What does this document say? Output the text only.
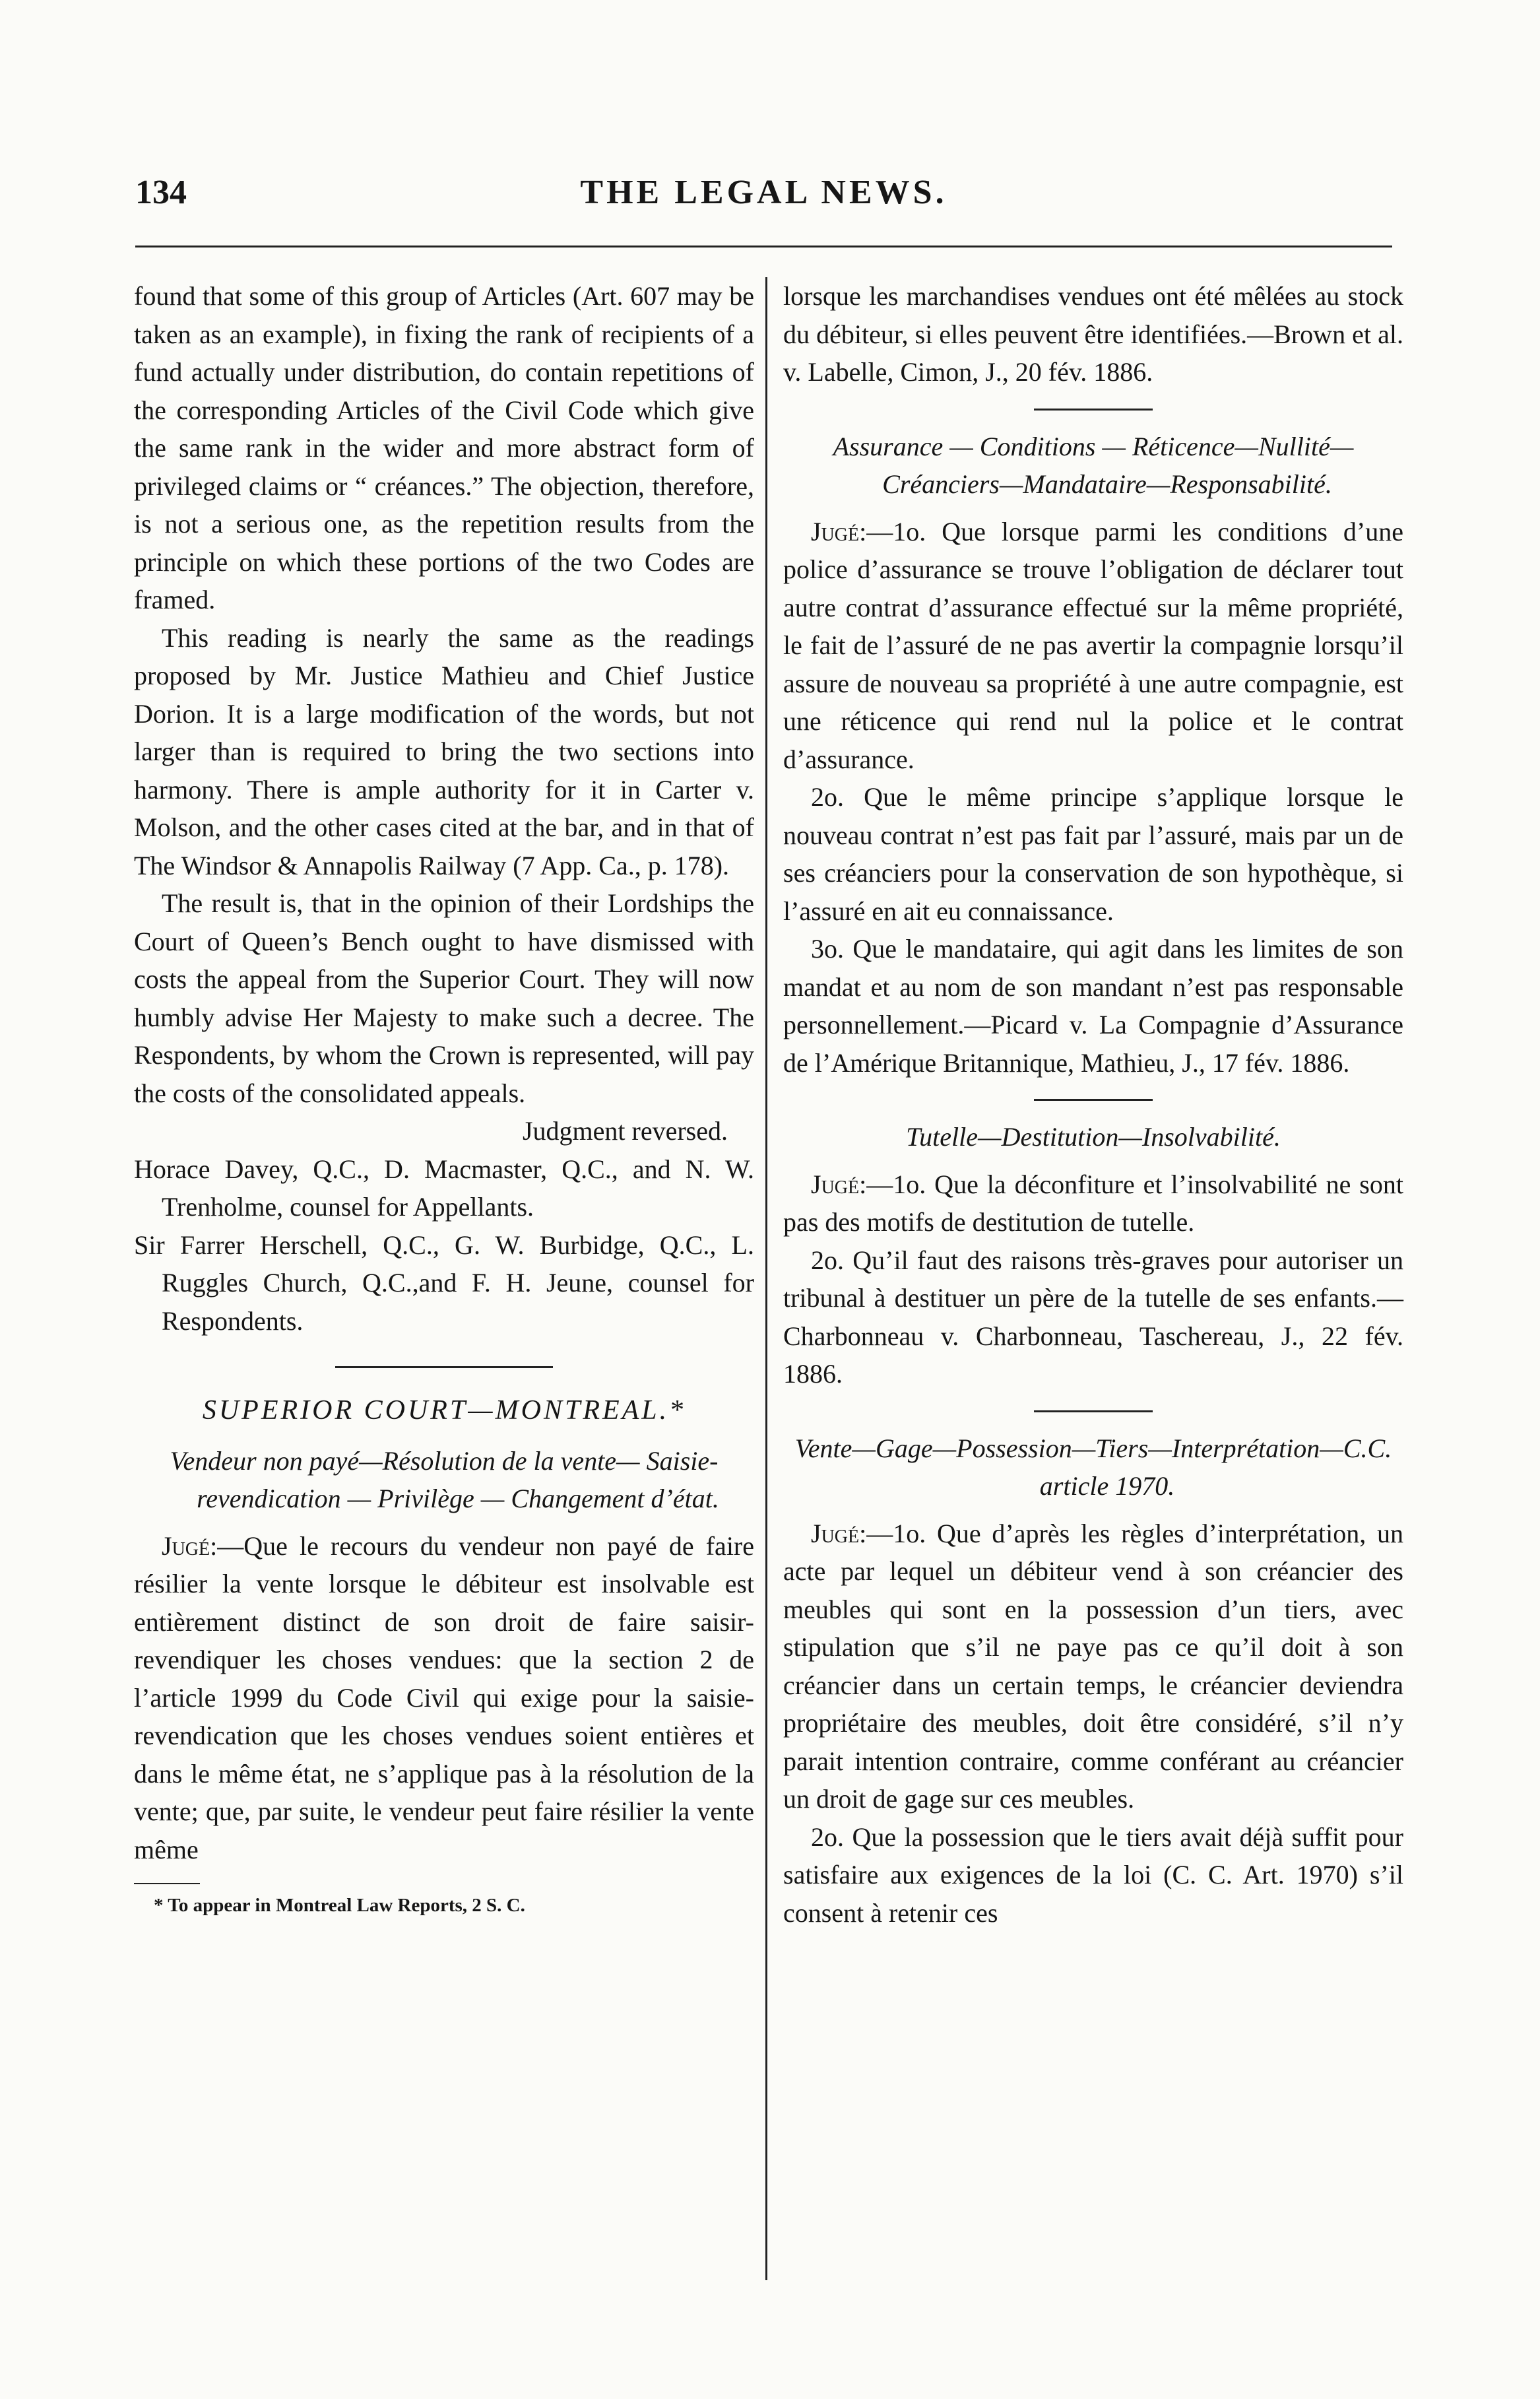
134	THE LEGAL NEWS.

found that some of this group of Articles (Art. 607 may be taken as an example), in fixing the rank of recipients of a fund actually under distribution, do contain repetitions of the corresponding Articles of the Civil Code which give the same rank in the wider and more abstract form of privileged claims or “ créances.” The objection, therefore, is not a serious one, as the repetition results from the principle on which these portions of the two Codes are framed.

This reading is nearly the same as the readings proposed by Mr. Justice Mathieu and Chief Justice Dorion. It is a large modification of the words, but not larger than is required to bring the two sections into harmony. There is ample authority for it in Carter v. Molson, and the other cases cited at the bar, and in that of The Windsor & Annapolis Railway (7 App. Ca., p. 178).

The result is, that in the opinion of their Lordships the Court of Queen’s Bench ought to have dismissed with costs the appeal from the Superior Court. They will now humbly advise Her Majesty to make such a decree. The Respondents, by whom the Crown is represented, will pay the costs of the consolidated appeals.

Judgment reversed.

Horace Davey, Q.C., D. Macmaster, Q.C., and N. W. Trenholme, counsel for Appellants.

Sir Farrer Herschell, Q.C., G. W. Burbidge, Q.C., L. Ruggles Church, Q.C.,and F. H. Jeune, counsel for Respondents.

SUPERIOR COURT—MONTREAL.*

Vendeur non payé—Résolution de la vente— Saisie-revendication — Privilège — Changement d’état.

Jugé:—Que le recours du vendeur non payé de faire résilier la vente lorsque le débiteur est insolvable est entièrement distinct de son droit de faire saisir-revendiquer les choses vendues: que la section 2 de l’article 1999 du Code Civil qui exige pour la saisie-revendication que les choses vendues soient entières et dans le même état, ne s’applique pas à la résolution de la vente; que, par suite, le vendeur peut faire résilier la vente même

* To appear in Montreal Law Reports, 2 S. C.

lorsque les marchandises vendues ont été mêlées au stock du débiteur, si elles peuvent être identifiées.—Brown et al. v. Labelle, Cimon, J., 20 fév. 1886.

Assurance — Conditions — Réticence—Nullité— Créanciers—Mandataire—Responsabilité.

Jugé:—1o. Que lorsque parmi les conditions d’une police d’assurance se trouve l’obligation de déclarer tout autre contrat d’assurance effectué sur la même propriété, le fait de l’assuré de ne pas avertir la compagnie lorsqu’il assure de nouveau sa propriété à une autre compagnie, est une réticence qui rend nul la police et le contrat d’assurance.

2o. Que le même principe s’applique lorsque le nouveau contrat n’est pas fait par l’assuré, mais par un de ses créanciers pour la conservation de son hypothèque, si l’assuré en ait eu connaissance.

3o. Que le mandataire, qui agit dans les limites de son mandat et au nom de son mandant n’est pas responsable personnellement.—Picard v. La Compagnie d’Assurance de l’Amérique Britannique, Mathieu, J., 17 fév. 1886.

Tutelle—Destitution—Insolvabilité.

Jugé:—1o. Que la déconfiture et l’insolvabilité ne sont pas des motifs de destitution de tutelle.

2o. Qu’il faut des raisons très-graves pour autoriser un tribunal à destituer un père de la tutelle de ses enfants.—Charbonneau v. Charbonneau, Taschereau, J., 22 fév. 1886.

Vente—Gage—Possession—Tiers—Interprétation—C.C. article 1970.

Jugé:—1o. Que d’après les règles d’interprétation, un acte par lequel un débiteur vend à son créancier des meubles qui sont en la possession d’un tiers, avec stipulation que s’il ne paye pas ce qu’il doit à son créancier dans un certain temps, le créancier deviendra propriétaire des meubles, doit être considéré, s’il n’y parait intention contraire, comme conférant au créancier un droit de gage sur ces meubles.

2o. Que la possession que le tiers avait déjà suffit pour satisfaire aux exigences de la loi (C. C. Art. 1970) s’il consent à retenir ces
